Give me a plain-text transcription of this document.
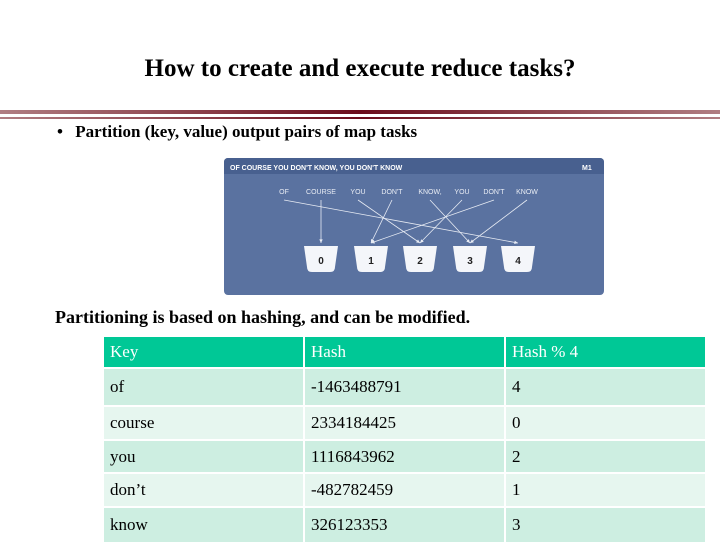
How to create and execute reduce tasks?
• Partition (key, value) output pairs of map tasks
OF COURSE YOU DON'T KNOW, YOU DON'T KNOW	M1
OF COURSE YOU DON'T KNOW, YOU DON'T KNOW
0	1	2	3	4
Partitioning is based on hashing, and can be modified.
Key	Hash	Hash % 4
of	-1463488791	4
course	2334184425	0
you	1116843962	2
don’t	-482782459	1
know	326123353	3
